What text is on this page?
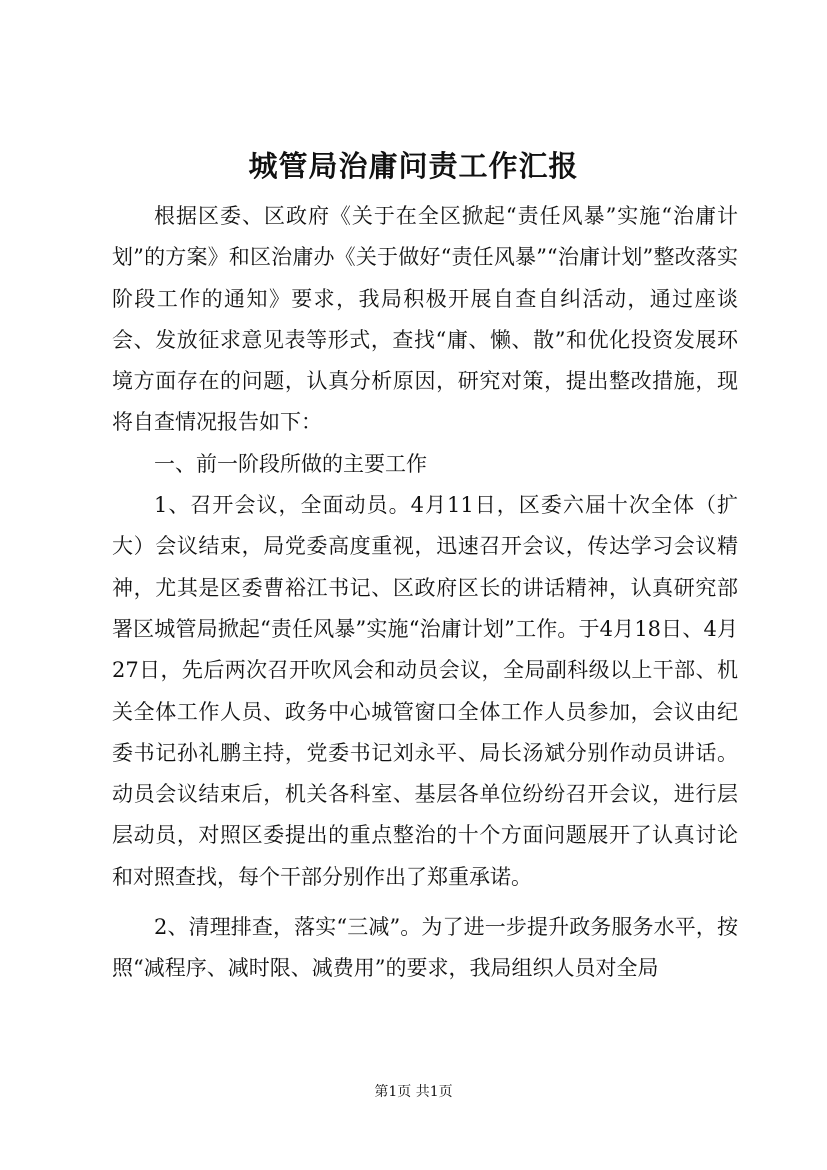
城管局治庸问责工作汇报

根据区委、区政府《关于在全区掀起“责任风暴”实施“治庸计划”的方案》和区治庸办《关于做好“责任风暴”“治庸计划”整改落实阶段工作的通知》要求，我局积极开展自查自纠活动，通过座谈会、发放征求意见表等形式，查找“庸、懒、散”和优化投资发展环境方面存在的问题，认真分析原因，研究对策，提出整改措施，现将自查情况报告如下：

一、前一阶段所做的主要工作

1、召开会议，全面动员。4月11日，区委六届十次全体（扩大）会议结束，局党委高度重视，迅速召开会议，传达学习会议精神，尤其是区委曹裕江书记、区政府区长的讲话精神，认真研究部署区城管局掀起“责任风暴”实施“治庸计划”工作。于4月18日、4月27日，先后两次召开吹风会和动员会议，全局副科级以上干部、机关全体工作人员、政务中心城管窗口全体工作人员参加，会议由纪委书记孙礼鹏主持，党委书记刘永平、局长汤斌分别作动员讲话。动员会议结束后，机关各科室、基层各单位纷纷召开会议，进行层层动员，对照区委提出的重点整治的十个方面问题展开了认真讨论和对照查找，每个干部分别作出了郑重承诺。

2、清理排查，落实“三减”。为了进一步提升政务服务水平，按照“减程序、减时限、减费用”的要求，我局组织人员对全局

第1页 共1页
